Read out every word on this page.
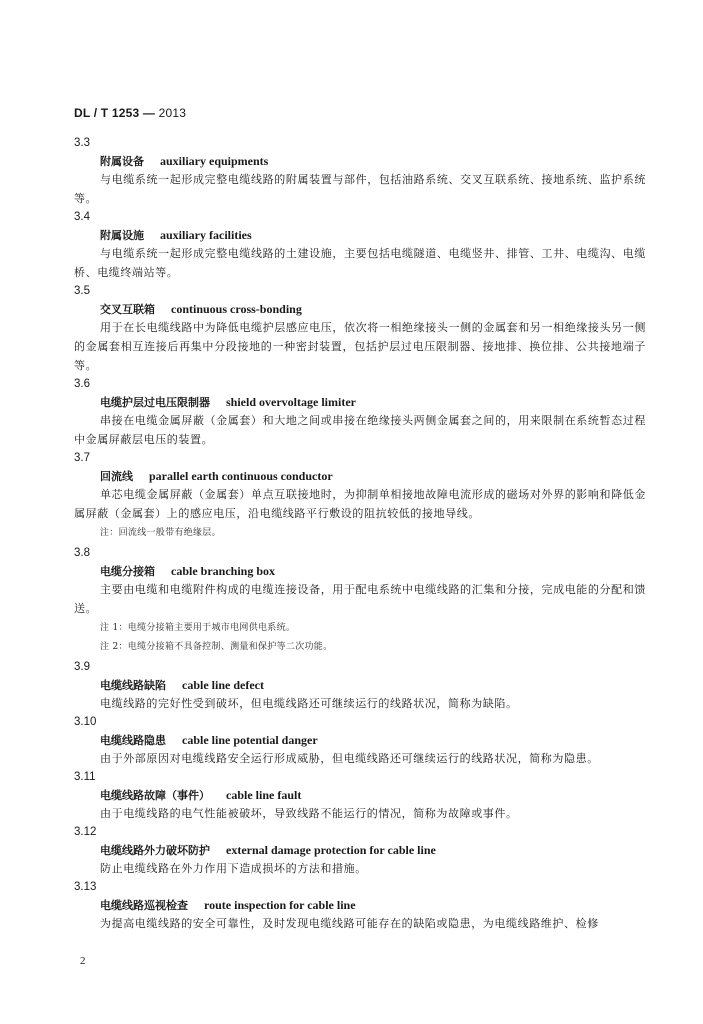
DL / T 1253 — 2013
3.3
附属设备 auxiliary equipments

与电缆系统一起形成完整电缆线路的附属装置与部件，包括油路系统、交叉互联系统、接地系统、监护系统等。

3.4
附属设施 auxiliary facilities

与电缆系统一起形成完整电缆线路的土建设施，主要包括电缆隧道、电缆竖井、排管、工井、电缆沟、电缆桥、电缆终端站等。

3.5
交叉互联箱 continuous cross-bonding

用于在长电缆线路中为降低电缆护层感应电压，依次将一相绝缘接头一侧的金属套和另一相绝缘接头另一侧的金属套相互连接后再集中分段接地的一种密封装置，包括护层过电压限制器、接地排、换位排、公共接地端子等。

3.6
电缆护层过电压限制器 shield overvoltage limiter

串接在电缆金属屏蔽（金属套）和大地之间或串接在绝缘接头两侧金属套之间的，用来限制在系统暂态过程中金属屏蔽层电压的装置。

3.7
回流线 parallel earth continuous conductor

单芯电缆金属屏蔽（金属套）单点互联接地时，为抑制单相接地故障电流形成的磁场对外界的影响和降低金属屏蔽（金属套）上的感应电压，沿电缆线路平行敷设的阻抗较低的接地导线。

注：回流线一般带有绝缘层。
3.8
电缆分接箱 cable branching box

主要由电缆和电缆附件构成的电缆连接设备，用于配电系统中电缆线路的汇集和分接，完成电能的分配和馈送。

注 1：电缆分接箱主要用于城市电网供电系统。
注 2：电缆分接箱不具备控制、测量和保护等二次功能。
3.9
电缆线路缺陷 cable line defect

电缆线路的完好性受到破坏，但电缆线路还可继续运行的线路状况，简称为缺陷。

3.10
电缆线路隐患 cable line potential danger

由于外部原因对电缆线路安全运行形成威胁，但电缆线路还可继续运行的线路状况，简称为隐患。

3.11
电缆线路故障（事件） cable line fault

由于电缆线路的电气性能被破坏，导致线路不能运行的情况，简称为故障或事件。

3.12
电缆线路外力破坏防护 external damage protection for cable line

防止电缆线路在外力作用下造成损坏的方法和措施。

3.13
电缆线路巡视检查 route inspection for cable line

为提高电缆线路的安全可靠性，及时发现电缆线路可能存在的缺陷或隐患，为电缆线路维护、检修

2
